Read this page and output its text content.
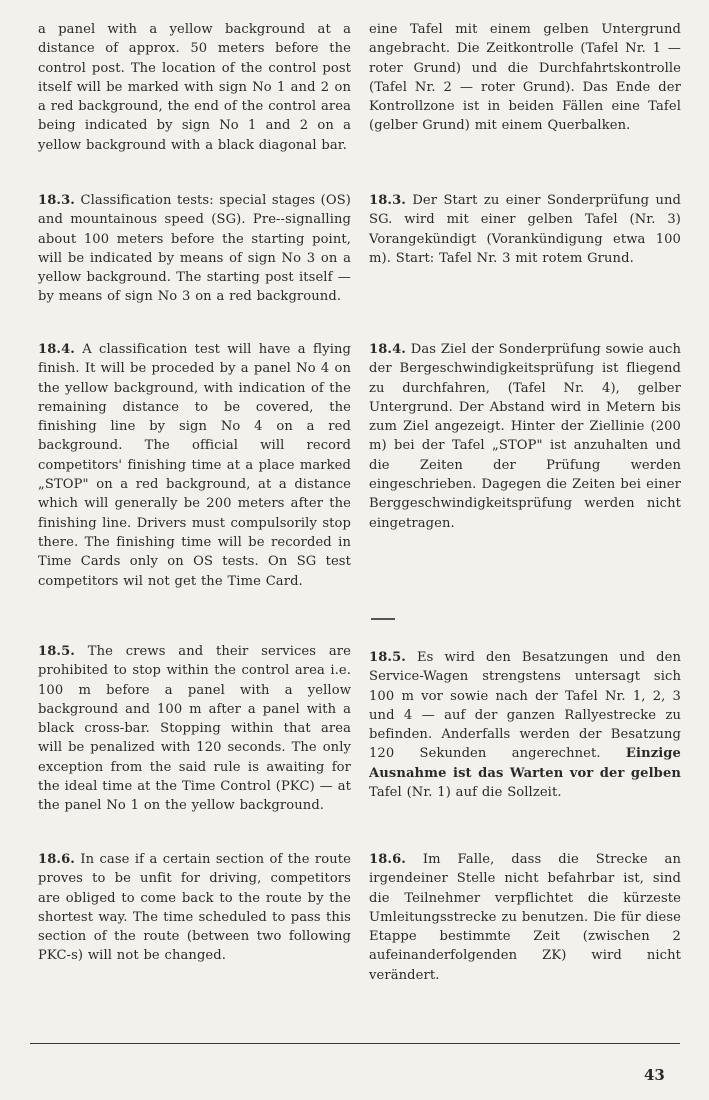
a panel with a yellow background at a distance of approx. 50 meters before the control post. The location of the control post itself will be marked with sign No 1 and 2 on a red background, the end of the control area being indicated by sign No 1 and 2 on a yellow background with a black diagonal bar.
18.3. Classification tests: special stages (OS) and mountainous speed (SG). Pre--signalling about 100 meters before the starting point, will be indicated by means of sign No 3 on a yellow background. The starting post itself — by means of sign No 3 on a red background.
18.4. A classification test will have a flying finish. It will be proceded by a panel No 4 on the yellow background, with indication of the remaining distance to be covered, the finishing line by sign No 4 on a red background. The official will record competitors' finishing time at a place marked „STOP" on a red background, at a distance which will generally be 200 meters after the finishing line. Drivers must compulsorily stop there. The finishing time will be recorded in Time Cards only on OS tests. On SG test competitors wil not get the Time Card.
18.5. The crews and their services are prohibited to stop within the control area i.e. 100 m before a panel with a yellow background and 100 m after a panel with a black cross-bar. Stopping within that area will be penalized with 120 seconds. The only exception from the said rule is awaiting for the ideal time at the Time Control (PKC) — at the panel No 1 on the yellow background.
18.6. In case if a certain section of the route proves to be unfit for driving, competitors are obliged to come back to the route by the shortest way. The time scheduled to pass this section of the route (between two following PKC-s) will not be changed.
eine Tafel mit einem gelben Untergrund angebracht. Die Zeitkontrolle (Tafel Nr. 1 — roter Grund) und die Durchfahrtskontrolle (Tafel Nr. 2 — roter Grund). Das Ende der Kontrollzone ist in beiden Fällen eine Tafel (gelber Grund) mit einem Querbalken.
18.3. Der Start zu einer Sonderprüfung und SG. wird mit einer gelben Tafel (Nr. 3) Vorangekündigt (Vorankündigung etwa 100 m). Start: Tafel Nr. 3 mit rotem Grund.
18.4. Das Ziel der Sonderprüfung sowie auch der Bergeschwindigkeitsprüfung ist fliegend zu durchfahren, (Tafel Nr. 4), gelber Untergrund. Der Abstand wird in Metern bis zum Ziel angezeigt. Hinter der Ziellinie (200 m) bei der Tafel „STOP" ist anzuhalten und die Zeiten der Prüfung werden eingeschrieben. Dagegen die Zeiten bei einer Berggeschwindigkeitsprüfung werden nicht eingetragen.
18.5. Es wird den Besatzungen und den Service-Wagen strengstens untersagt sich 100 m vor sowie nach der Tafel Nr. 1, 2, 3 und 4 — auf der ganzen Rallyestrecke zu befinden. Anderfalls werden der Besatzung 120 Sekunden angerechnet. Einzige Ausnahme ist das Warten vor der gelben Tafel (Nr. 1) auf die Sollzeit.
18.6. Im Falle, dass die Strecke an irgendeiner Stelle nicht befahrbar ist, sind die Teilnehmer verpflichtet die kürzeste Umleitungsstrecke zu benutzen. Die für diese Etappe bestimmte Zeit (zwischen 2 aufeinanderfolgenden ZK) wird nicht verändert.
43
